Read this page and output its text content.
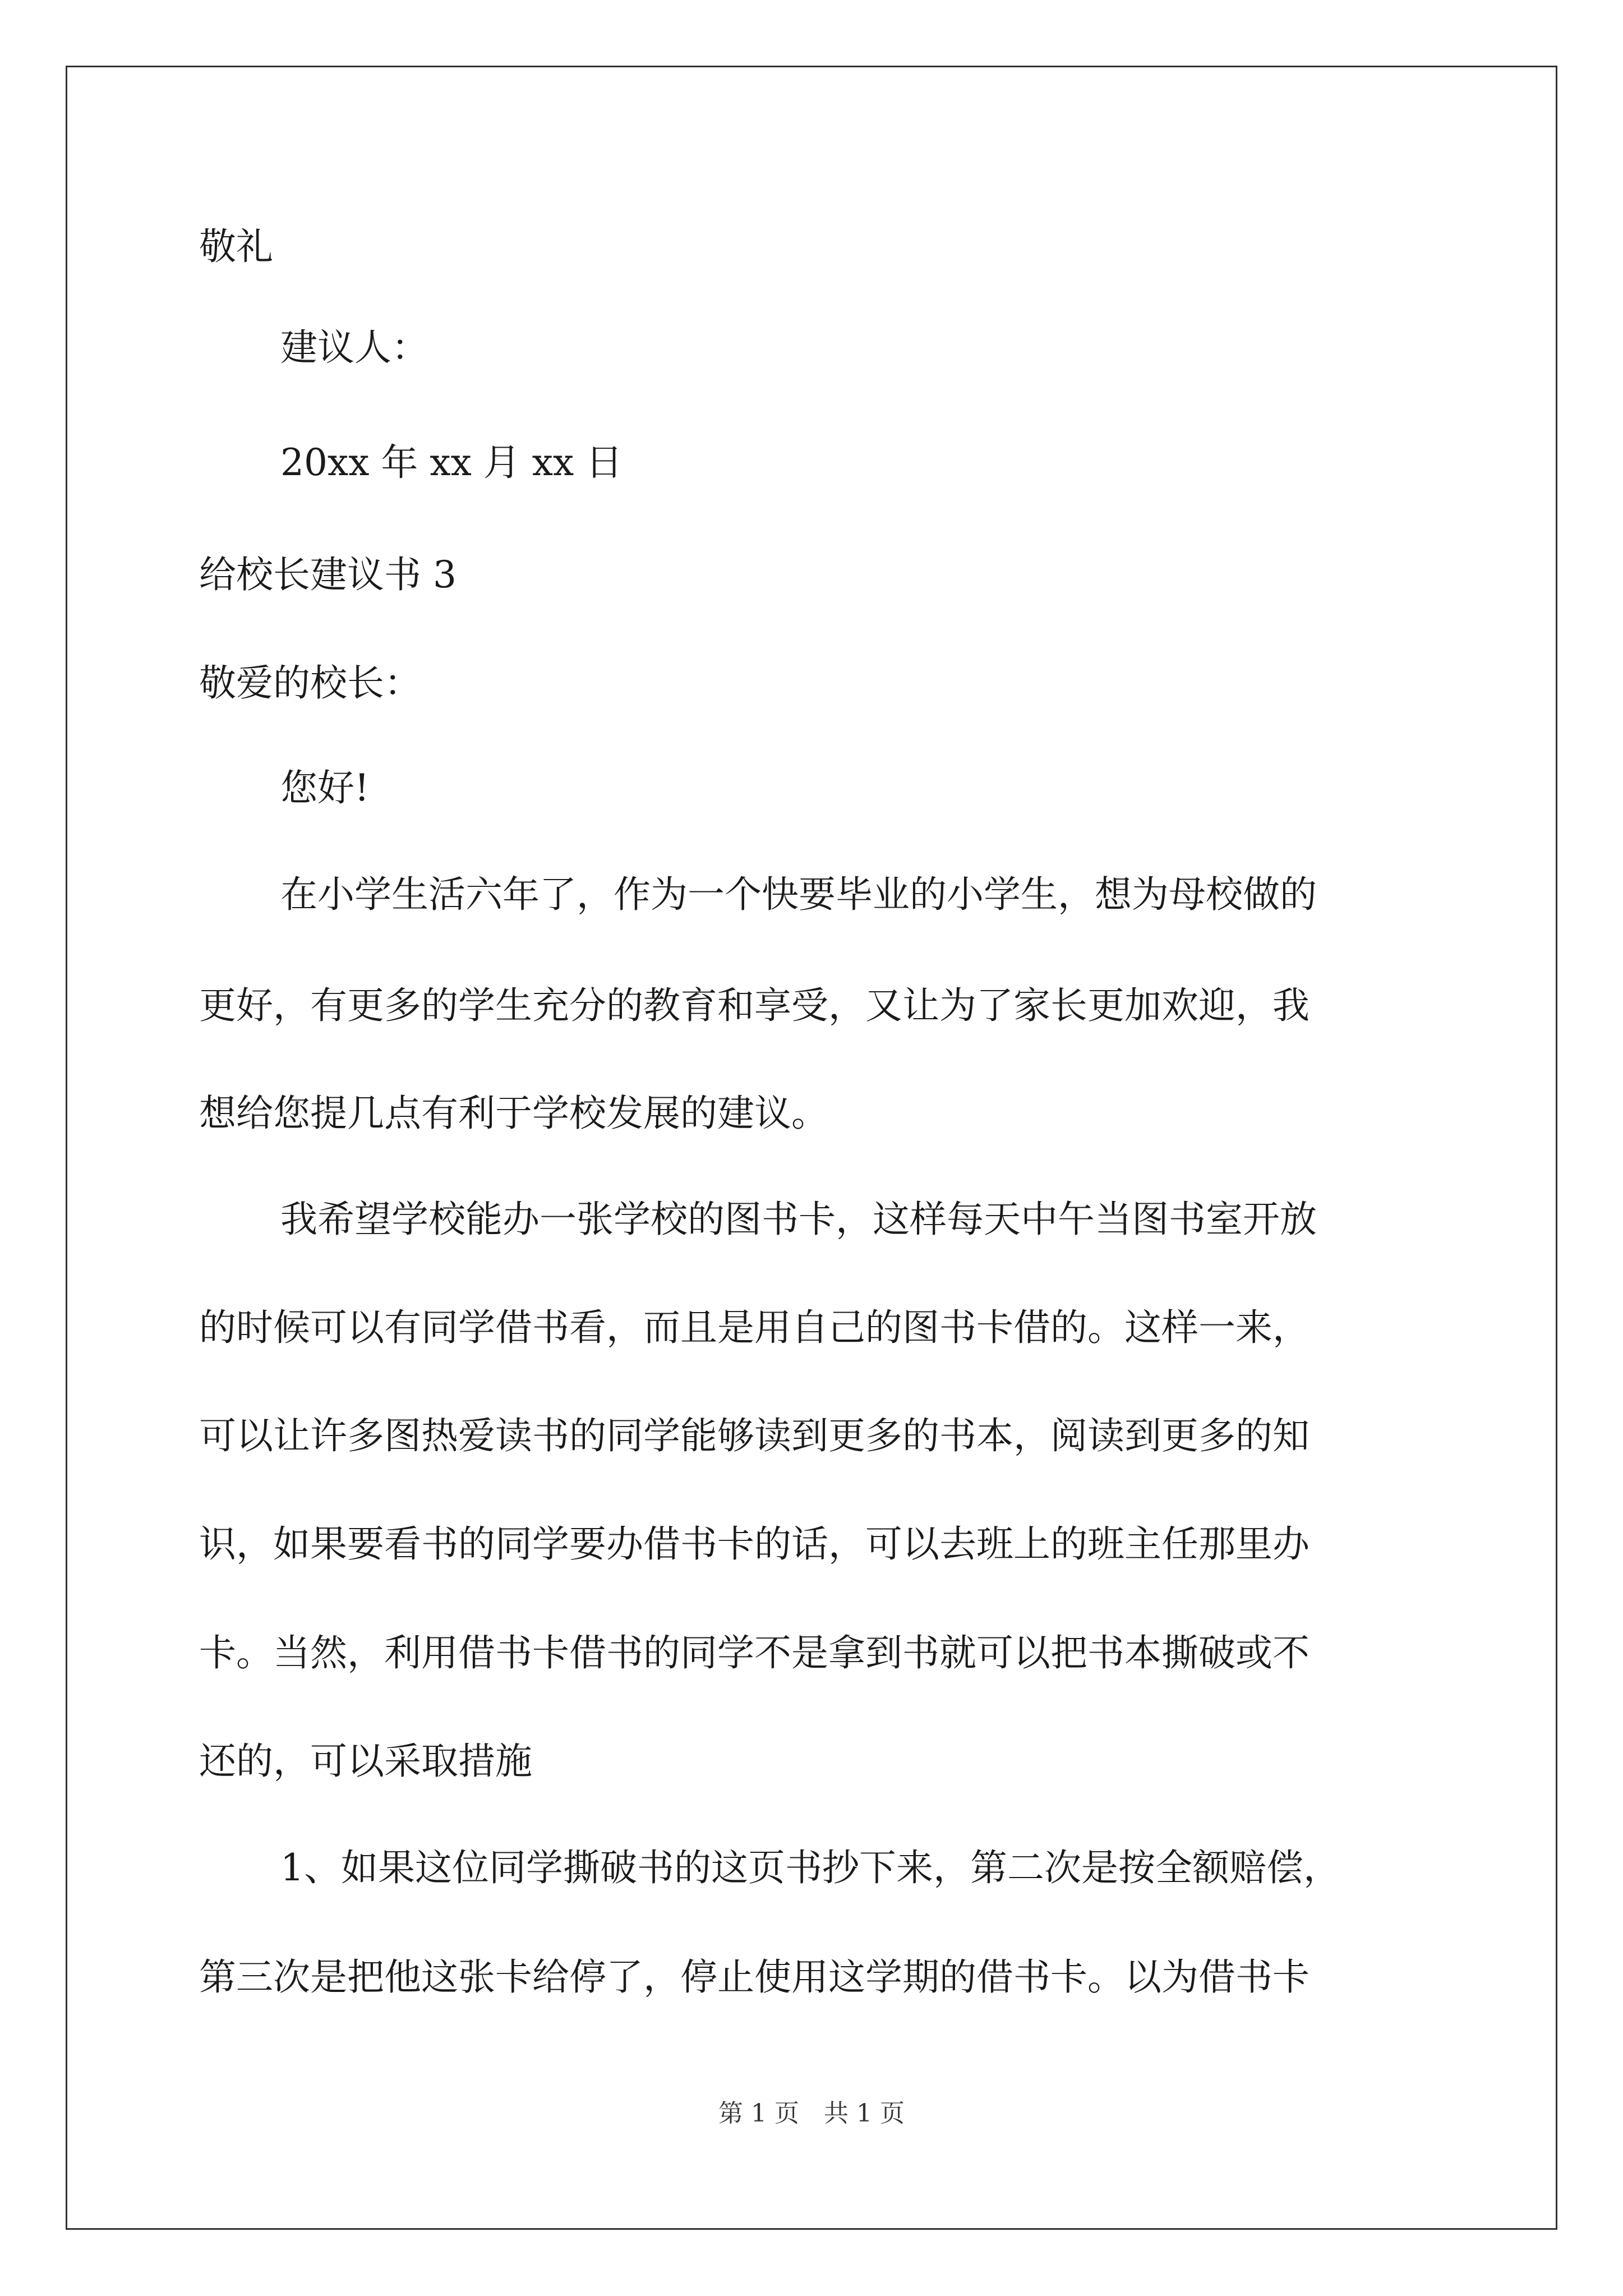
敬礼
建议人：
20xx 年 xx 月 xx 日
给校长建议书 3
敬爱的校长：
您好!
在小学生活六年了，作为一个快要毕业的小学生，想为母校做的
更好，有更多的学生充分的教育和享受，又让为了家长更加欢迎，我
想给您提几点有利于学校发展的建议。
我希望学校能办一张学校的图书卡，这样每天中午当图书室开放
的时候可以有同学借书看，而且是用自己的图书卡借的。这样一来，
可以让许多图热爱读书的同学能够读到更多的书本，阅读到更多的知
识，如果要看书的同学要办借书卡的话，可以去班上的班主任那里办
卡。当然，利用借书卡借书的同学不是拿到书就可以把书本撕破或不
还的，可以采取措施
1、如果这位同学撕破书的这页书抄下来，第二次是按全额赔偿，
第三次是把他这张卡给停了，停止使用这学期的借书卡。以为借书卡
第 1 页　共 1 页
